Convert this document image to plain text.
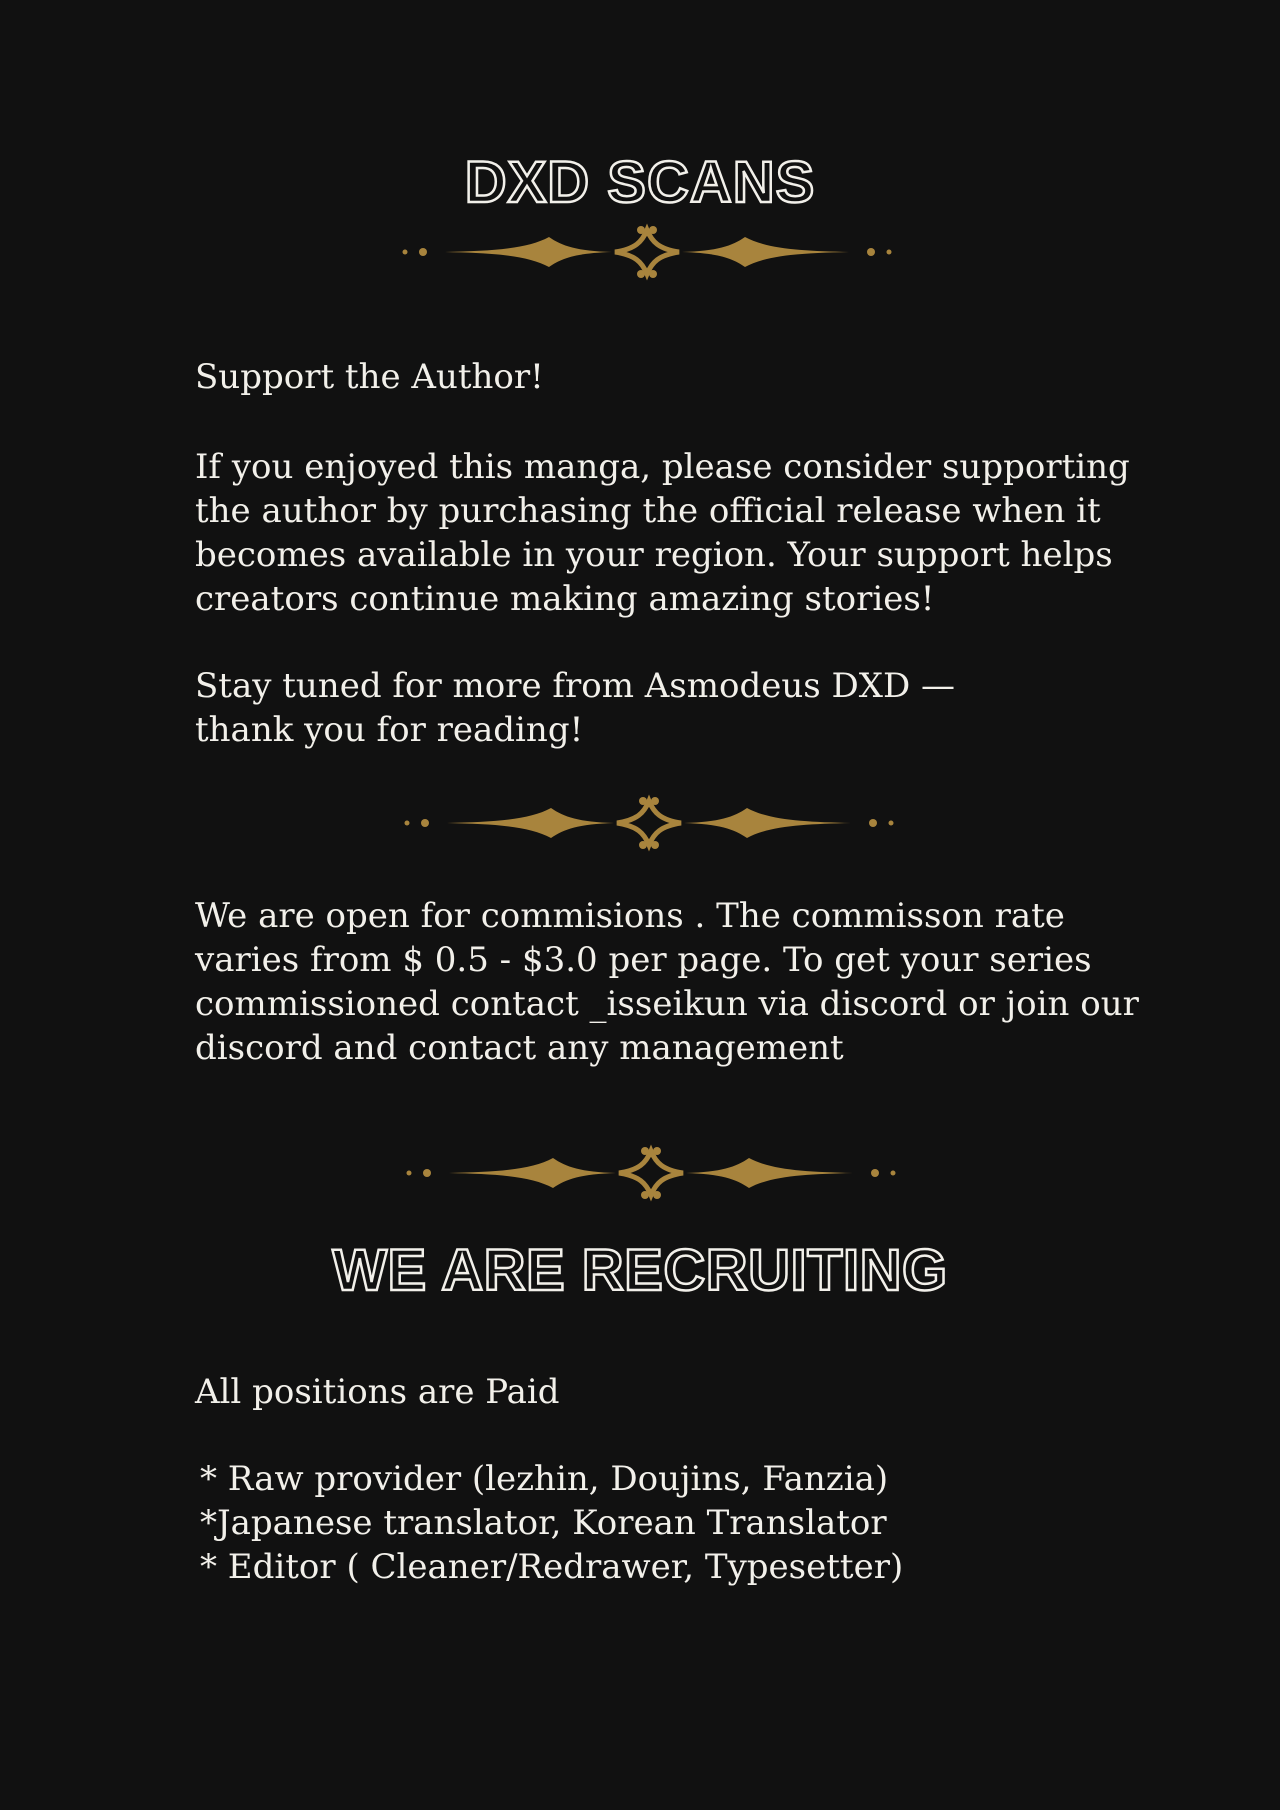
DXD SCANS

Support the Author!

If you enjoyed this manga, please consider supporting
the author by purchasing the official release when it
becomes available in your region. Your support helps
creators continue making amazing stories!

Stay tuned for more from Asmodeus DXD —
thank you for reading!

We are open for commisions . The commisson rate
varies from $ 0.5 - $3.0 per page. To get your series
commissioned contact _isseikun via discord or join our
discord and contact any management

WE ARE RECRUITING

All positions are Paid

* Raw provider (lezhin, Doujins, Fanzia)
*Japanese translator, Korean Translator
* Editor ( Cleaner/Redrawer, Typesetter)
